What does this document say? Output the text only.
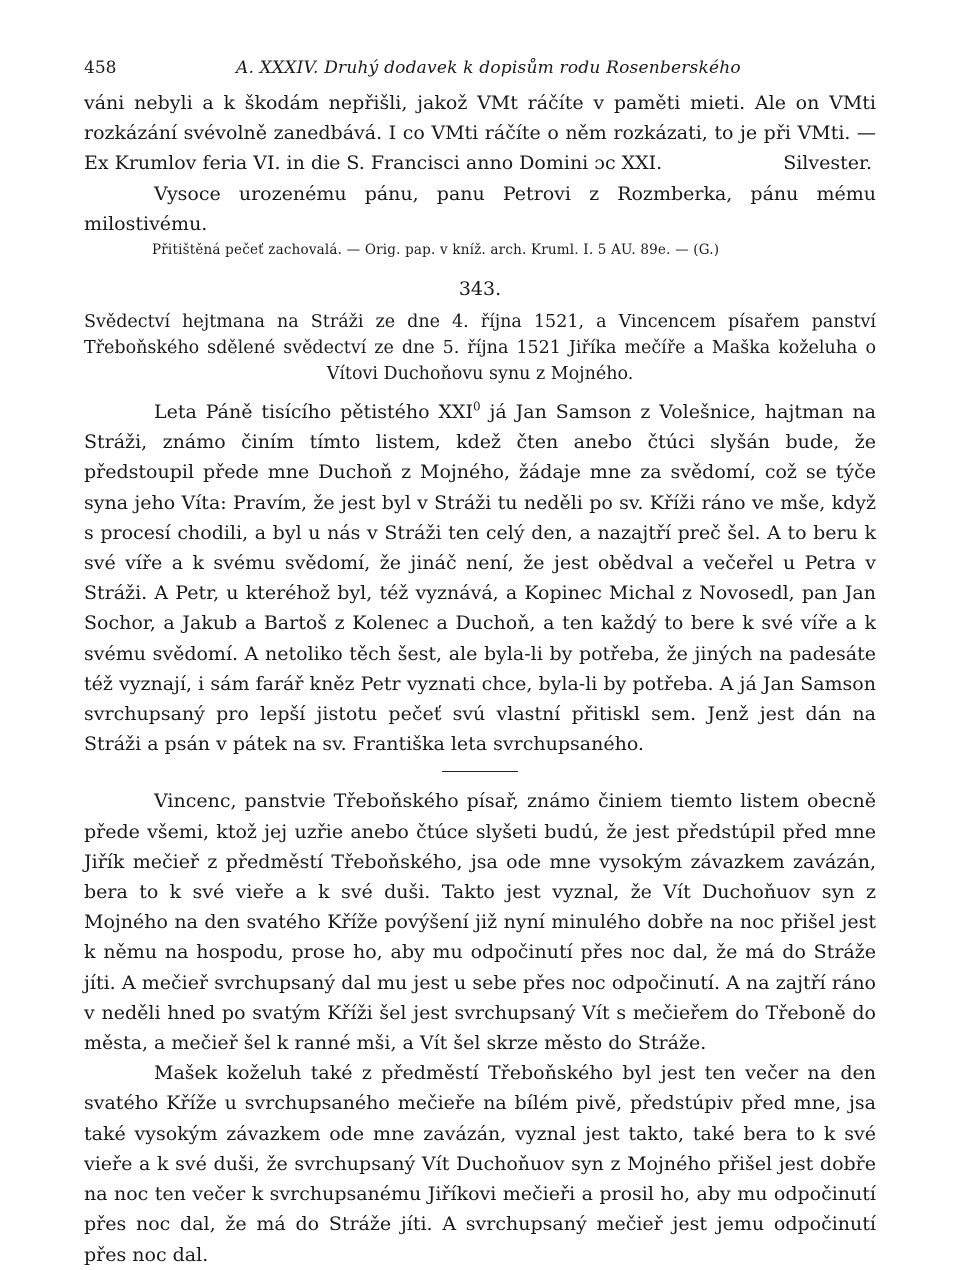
458	A. XXXIV. Druhý dodavek k dopisům rodu Rosenberského

váni nebyli a k škodám nepřišli, jakož VMt ráčíte v paměti mieti. Ale on VMti rozkázání svévolně zanedbává. I co VMti ráčíte o něm rozkázati, to je při VMti. — Ex Krumlov feria VI. in die S. Francisci anno Domini ɔc XXI.	Silvester.

Vysoce urozenému pánu, panu Petrovi z Rozmberka, pánu mému milostivému.

Přitištěná pečeť zachovalá. — Orig. pap. v kníž. arch. Kruml. I. 5 AU. 89e. — (G.)

343.

Svědectví hejtmana na Stráži ze dne 4. října 1521, a Vincencem písařem panství Třeboňského sdělené svědectví ze dne 5. října 1521 Jiříka mečíře a Maška koželuha o Vítovi Duchoňovu synu z Mojného.

Leta Páně tisícího pětistého XXI$^0$ já Jan Samson z Volešnice, hajtman na Stráži, známo činím tímto listem, kdež čten anebo čtúci slyšán bude, že předstoupil přede mne Duchoň z Mojného, žádaje mne za svědomí, což se týče syna jeho Víta: Pravím, že jest byl v Stráži tu neděli po sv. Kříži ráno ve mše, když s procesí chodili, a byl u nás v Stráži ten celý den, a nazajtří preč šel. A to beru k své víře a k svému svědomí, že jináč není, že jest obědval a večeřel u Petra v Stráži. A Petr, u kteréhož byl, též vyznává, a Kopinec Michal z Novosedl, pan Jan Sochor, a Jakub a Bartoš z Kolenec a Duchoň, a ten každý to bere k své víře a k svému svědomí. A netoliko těch šest, ale byla-li by potřeba, že jiných na padesáte též vyznají, i sám farář kněz Petr vyznati chce, byla-li by potřeba. A já Jan Samson svrchupsaný pro lepší jistotu pečeť svú vlastní přitiskl sem. Jenž jest dán na Stráži a psán v pátek na sv. Františka leta svrchupsaného.

Vincenc, panstvie Třeboňského písař, známo činiem tiemto listem obecně přede všemi, ktož jej uzřie anebo čtúce slyšeti budú, že jest předstúpil před mne Jiřík mečieř z předměstí Třeboňského, jsa ode mne vysokým závazkem zavázán, bera to k své vieře a k své duši. Takto jest vyznal, že Vít Duchoňuov syn z Mojného na den svatého Kříže povýšení již nyní minulého dobře na noc přišel jest k němu na hospodu, prose ho, aby mu odpočinutí přes noc dal, že má do Stráže jíti. A mečieř svrchupsaný dal mu jest u sebe přes noc odpočinutí. A na zajtří ráno v neděli hned po svatým Kříži šel jest svrchupsaný Vít s mečieřem do Třeboně do města, a mečieř šel k ranné mši, a Vít šel skrze město do Stráže.

Mašek koželuh také z předměstí Třeboňského byl jest ten večer na den svatého Kříže u svrchupsaného mečieře na bílém pivě, předstúpiv před mne, jsa také vysokým závazkem ode mne zavázán, vyznal jest takto, také bera to k své vieře a k své duši, že svrchupsaný Vít Duchoňuov syn z Mojného přišel jest dobře na noc ten večer k svrchupsanému Jiříkovi mečieři a prosil ho, aby mu odpočinutí přes noc dal, že má do Stráže jíti. A svrchupsaný mečieř jest jemu odpočinutí přes noc dal.
